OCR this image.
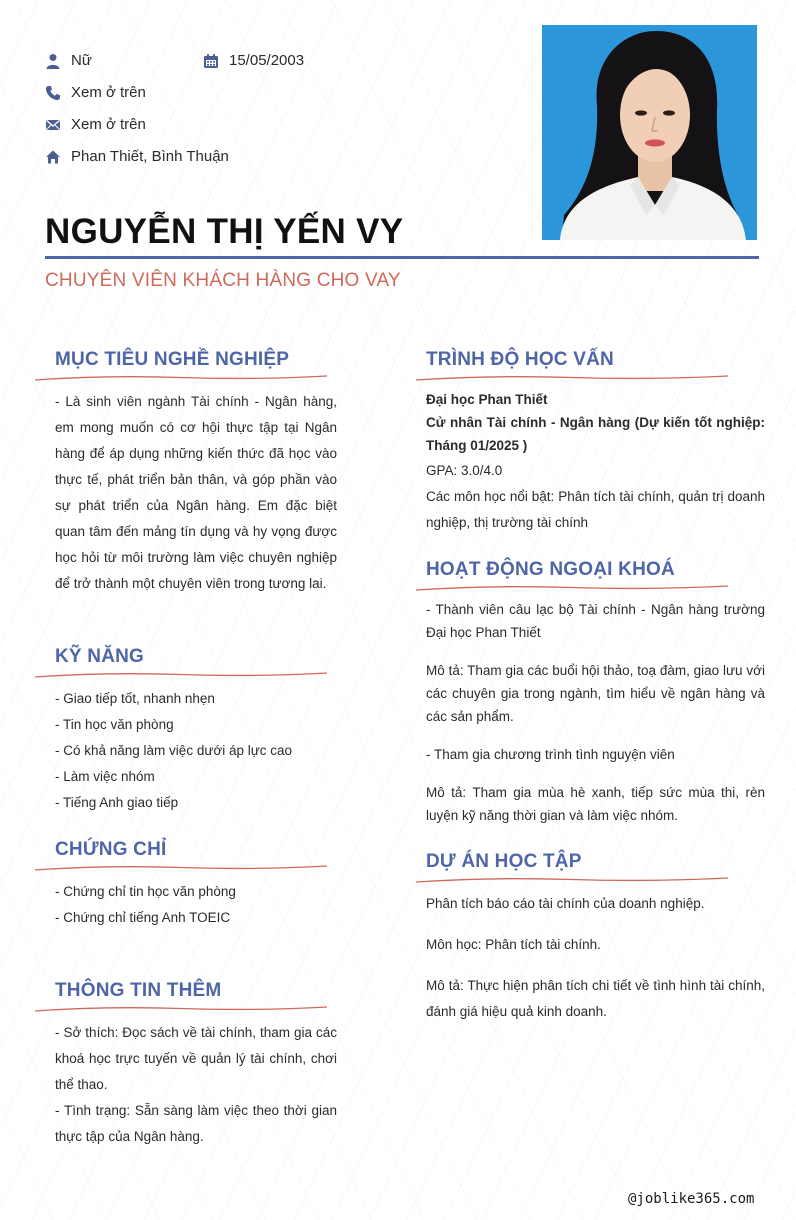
Nữ	15/05/2003
Xem ở trên
Xem ở trên
Phan Thiết, Bình Thuận
NGUYỄN THỊ YẾN VY
CHUYÊN VIÊN KHÁCH HÀNG CHO VAY
MỤC TIÊU NGHỀ NGHIỆP
- Là sinh viên ngành Tài chính - Ngân hàng, em mong muốn có cơ hội thực tập tại Ngân hàng để áp dụng những kiến thức đã học vào thực tế, phát triển bản thân, và góp phần vào sự phát triển của Ngân hàng. Em đặc biệt quan tâm đến mảng tín dụng và hy vọng được học hỏi từ môi trường làm việc chuyên nghiệp để trở thành một chuyên viên trong tương lai.
KỸ NĂNG
- Giao tiếp tốt, nhanh nhẹn
- Tin học văn phòng
- Có khả năng làm việc dưới áp lực cao
- Làm việc nhóm
- Tiếng Anh giao tiếp
CHỨNG CHỈ
- Chứng chỉ tin học văn phòng
- Chứng chỉ tiếng Anh TOEIC
THÔNG TIN THÊM
- Sở thích: Đọc sách về tài chính, tham gia các khoá học trực tuyến về quản lý tài chính, chơi thể thao.
- Tình trạng: Sẵn sàng làm việc theo thời gian thực tập của Ngân hàng.
TRÌNH ĐỘ HỌC VẤN
Đại học Phan Thiết
Cử nhân Tài chính - Ngân hàng (Dự kiến tốt nghiệp: Tháng 01/2025 )
GPA: 3.0/4.0
Các môn học nổi bật: Phân tích tài chính, quản trị doanh nghiệp, thị trường tài chính
HOẠT ĐỘNG NGOẠI KHOÁ
- Thành viên câu lạc bộ Tài chính - Ngân hàng trường Đại học Phan Thiết
Mô tả: Tham gia các buổi hội thảo, toạ đàm, giao lưu với các chuyên gia trong ngành, tìm hiểu về ngân hàng và các sản phẩm.
- Tham gia chương trình tình nguyện viên
Mô tả: Tham gia mùa hè xanh, tiếp sức mùa thi, rèn luyện kỹ năng thời gian và làm việc nhóm.
DỰ ÁN HỌC TẬP
Phân tích báo cáo tài chính của doanh nghiệp.
Môn học: Phân tích tài chính.
Mô tả: Thực hiện phân tích chi tiết về tình hình tài chính, đánh giá hiệu quả kinh doanh.
@joblike365.com
